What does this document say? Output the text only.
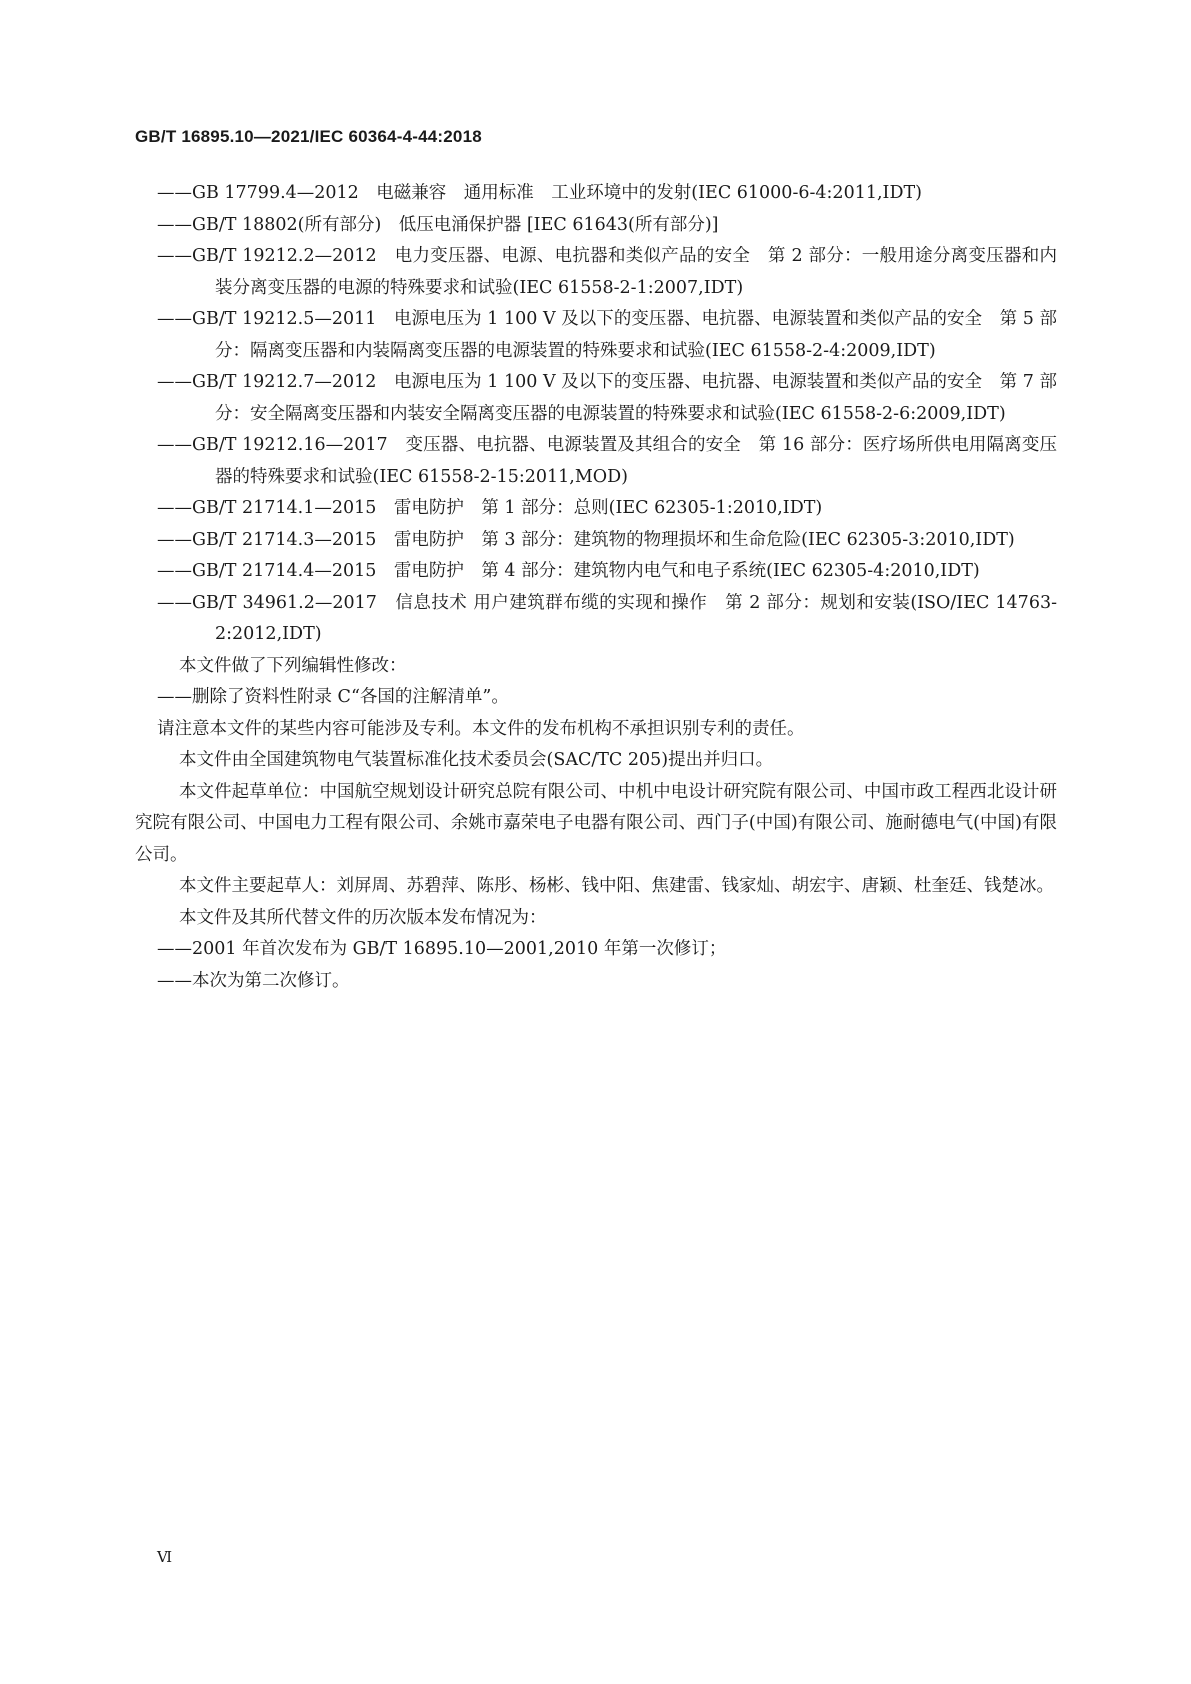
GB/T 16895.10—2021/IEC 60364-4-44:2018
——GB 17799.4—2012　电磁兼容　通用标准　工业环境中的发射(IEC 61000-6-4:2011,IDT)
——GB/T 18802(所有部分)　低压电涌保护器 [IEC 61643(所有部分)]
——GB/T 19212.2—2012　电力变压器、电源、电抗器和类似产品的安全　第 2 部分：一般用途分离变压器和内装分离变压器的电源的特殊要求和试验(IEC 61558-2-1:2007,IDT)
——GB/T 19212.5—2011　电源电压为 1 100 V 及以下的变压器、电抗器、电源装置和类似产品的安全　第 5 部分：隔离变压器和内装隔离变压器的电源装置的特殊要求和试验(IEC 61558-2-4:2009,IDT)
——GB/T 19212.7—2012　电源电压为 1 100 V 及以下的变压器、电抗器、电源装置和类似产品的安全　第 7 部分：安全隔离变压器和内装安全隔离变压器的电源装置的特殊要求和试验(IEC 61558-2-6:2009,IDT)
——GB/T 19212.16—2017　变压器、电抗器、电源装置及其组合的安全　第 16 部分：医疗场所供电用隔离变压器的特殊要求和试验(IEC 61558-2-15:2011,MOD)
——GB/T 21714.1—2015　雷电防护　第 1 部分：总则(IEC 62305-1:2010,IDT)
——GB/T 21714.3—2015　雷电防护　第 3 部分：建筑物的物理损坏和生命危险(IEC 62305-3:2010,IDT)
——GB/T 21714.4—2015　雷电防护　第 4 部分：建筑物内电气和电子系统(IEC 62305-4:2010,IDT)
——GB/T 34961.2—2017　信息技术 用户建筑群布缆的实现和操作　第 2 部分：规划和安装(ISO/IEC 14763-2:2012,IDT)
本文件做了下列编辑性修改：
——删除了资料性附录 C“各国的注解清单”。
请注意本文件的某些内容可能涉及专利。本文件的发布机构不承担识别专利的责任。
本文件由全国建筑物电气装置标准化技术委员会(SAC/TC 205)提出并归口。
本文件起草单位：中国航空规划设计研究总院有限公司、中机中电设计研究院有限公司、中国市政工程西北设计研究院有限公司、中国电力工程有限公司、余姚市嘉荣电子电器有限公司、西门子(中国)有限公司、施耐德电气(中国)有限公司。
本文件主要起草人：刘屏周、苏碧萍、陈彤、杨彬、钱中阳、焦建雷、钱家灿、胡宏宇、唐颖、杜奎廷、钱楚冰。
本文件及其所代替文件的历次版本发布情况为：
——2001 年首次发布为 GB/T 16895.10—2001,2010 年第一次修订；
——本次为第二次修订。
Ⅵ
